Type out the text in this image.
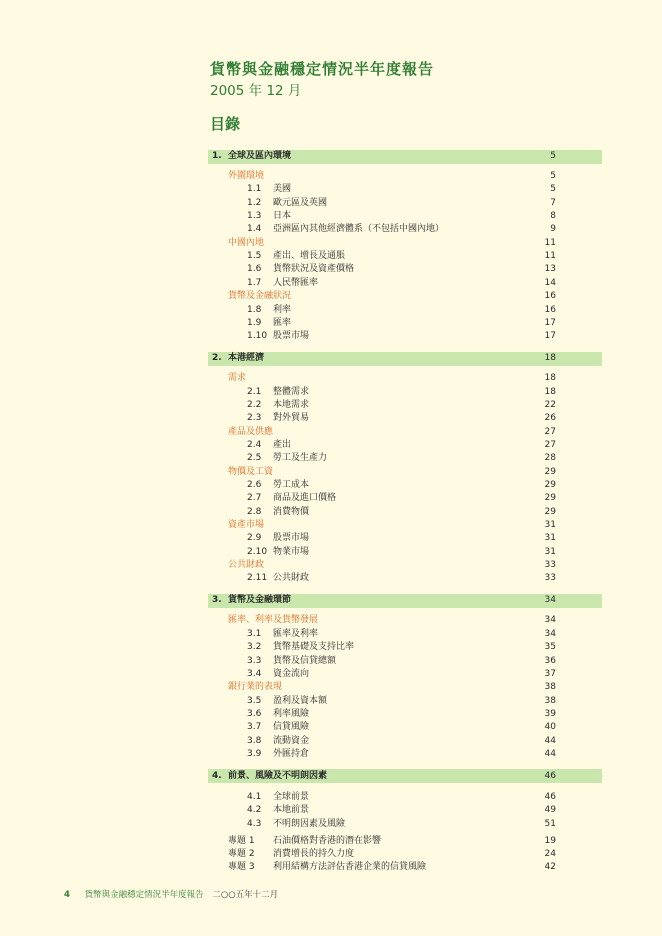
貨幣與金融穩定情況半年度報告
2005 年 12 月
目錄
1. 全球及區內環境	5
外圍環境	5
1.1	美國	5
1.2	歐元區及英國	7
1.3	日本	8
1.4	亞洲區內其他經濟體系（不包括中國內地）	9
中國內地	11
1.5	產出、增長及通脹	11
1.6	貨幣狀況及資產價格	13
1.7	人民幣匯率	14
貨幣及金融狀況	16
1.8	利率	16
1.9	匯率	17
1.10 股票市場	17
2. 本港經濟	18
需求	18
2.1	整體需求	18
2.2	本地需求	22
2.3	對外貿易	26
產品及供應	27
2.4	產出	27
2.5	勞工及生產力	28
物價及工資	29
2.6	勞工成本	29
2.7	商品及進口價格	29
2.8	消費物價	29
資產市場	31
2.9	股票市場	31
2.10 物業市場	31
公共財政	33
2.11 公共財政	33
3. 貨幣及金融環節	34
匯率、利率及貨幣發展	34
3.1	匯率及利率	34
3.2	貨幣基礎及支持比率	35
3.3	貨幣及信貸總額	36
3.4	資金流向	37
銀行業的表現	38
3.5	盈利及資本額	38
3.6	利率風險	39
3.7	信貸風險	40
3.8	流動資金	44
3.9	外匯持倉	44
4. 前景、風險及不明朗因素	46
4.1	全球前景	46
4.2	本地前景	49
4.3	不明朗因素及風險	51
專題 1 石油價格對香港的潛在影響	19
專題 2 消費增長的持久力度	24
專題 3 利用結構方法評估香港企業的信貸風險	42
4 貨幣與金融穩定情況半年度報告 二○○五年十二月
